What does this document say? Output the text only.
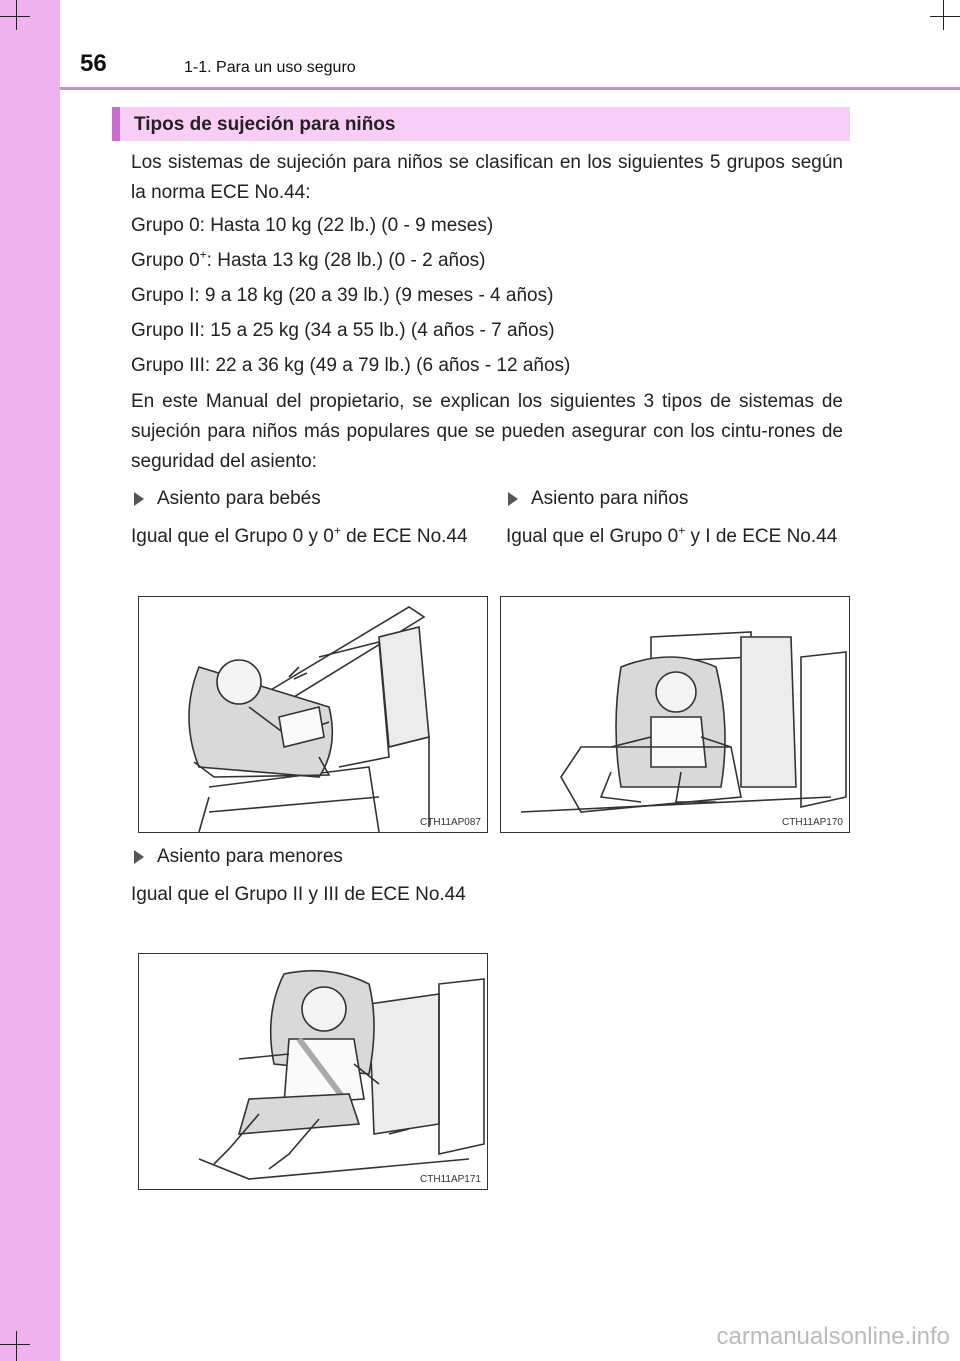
56	1-1. Para un uso seguro
Tipos de sujeción para niños
Los sistemas de sujeción para niños se clasifican en los siguientes 5 grupos según la norma ECE No.44:
Grupo 0: Hasta 10 kg (22 lb.) (0 - 9 meses)
Grupo 0+: Hasta 13 kg (28 lb.) (0 - 2 años)
Grupo I: 9 a 18 kg (20 a 39 lb.) (9 meses - 4 años)
Grupo II: 15 a 25 kg (34 a 55 lb.) (4 años - 7 años)
Grupo III: 22 a 36 kg (49 a 79 lb.) (6 años - 12 años)
En este Manual del propietario, se explican los siguientes 3 tipos de sistemas de sujeción para niños más populares que se pueden asegurar con los cintu-rones de seguridad del asiento:
Asiento para bebés
Igual que el Grupo 0 y 0+ de ECE No.44
Asiento para niños
Igual que el Grupo 0+ y I de ECE No.44
CTH11AP087	CTH11AP170
Asiento para menores
Igual que el Grupo II y III de ECE No.44
CTH11AP171
carmanualsonline.info
